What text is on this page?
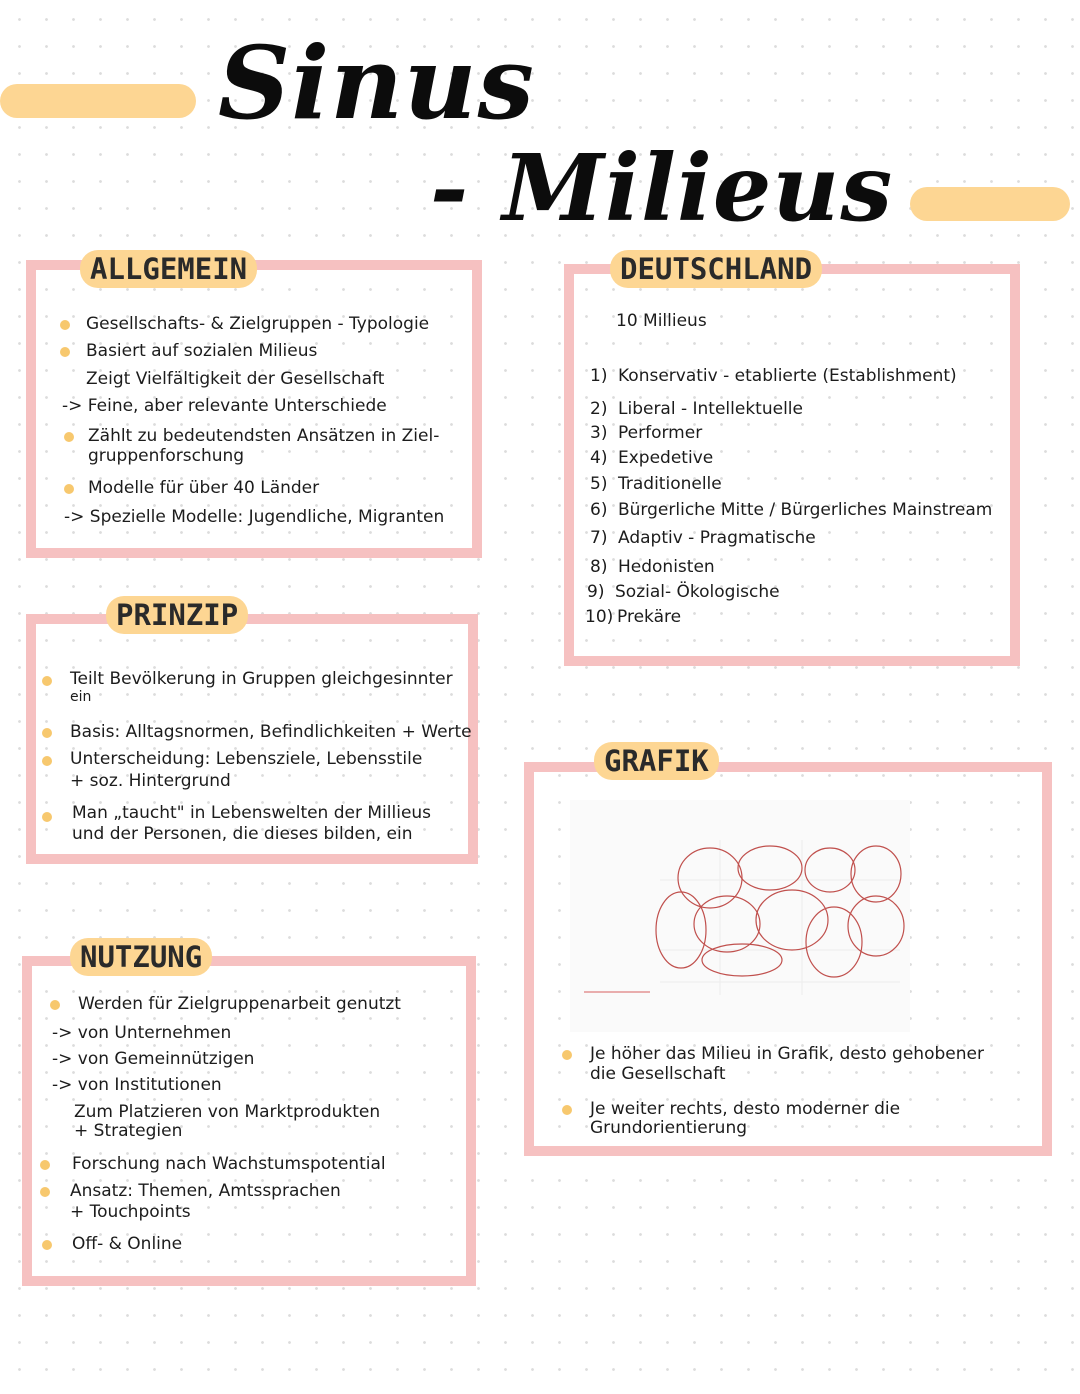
Sinus
- Milieus
ALLGEMEIN
Gesellschafts- & Zielgruppen - Typologie
Basiert auf sozialen Milieus
Zeigt Vielfältigkeit der Gesellschaft
-> Feine, aber relevante Unterschiede
Zählt zu bedeutendsten Ansätzen in Ziel-
gruppenforschung
Modelle für über 40 Länder
-> Spezielle Modelle: Jugendliche, Migranten
DEUTSCHLAND
10 Millieus
1) Konservativ - etablierte (Establishment)
2) Liberal - Intellektuelle
3) Performer
4) Expedetive
5) Traditionelle
6) Bürgerliche Mitte / Bürgerliches Mainstream
7) Adaptiv - Pragmatische
8) Hedonisten
9) Sozial- Ökologische
10) Prekäre
PRINZIP
Teilt Bevölkerung in Gruppen gleichgesinnter
ein
Basis: Alltagsnormen, Befindlichkeiten + Werte
Unterscheidung: Lebensziele, Lebensstile
+ soz. Hintergrund
Man „taucht" in Lebenswelten der Millieus
und der Personen, die dieses bilden, ein
GRAFIK
Je höher das Milieu in Grafik, desto gehobener
die Gesellschaft
Je weiter rechts, desto moderner die
Grundorientierung
NUTZUNG
Werden für Zielgruppenarbeit genutzt
-> von Unternehmen
-> von Gemeinnützigen
-> von Institutionen
Zum Platzieren von Marktprodukten
+ Strategien
Forschung nach Wachstumspotential
Ansatz: Themen, Amtssprachen
+ Touchpoints
Off- & Online
